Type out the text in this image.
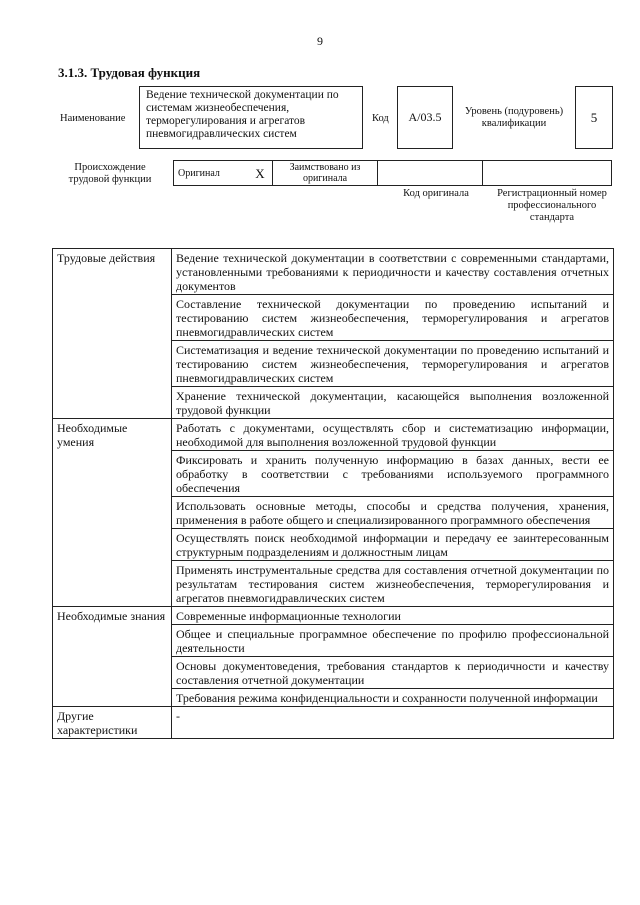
9
3.1.3. Трудовая функция
Наименование
Ведение технической документации по системам жизнеобеспечения, терморегулирования и агрегатов пневмогидравлических систем
Код	A/03.5	Уровень (подуровень) квалификации	5
Происхождение трудовой функции
Оригинал	X	Заимствовано из оригинала		
Код оригинала	Регистрационный номер профессионального стандарта
Трудовые действия	Ведение технической документации в соответствии с современными стандартами, установленными требованиями к периодичности и качеству составления отчетных документов
	Составление технической документации по проведению испытаний и тестированию систем жизнеобеспечения, терморегулирования и агрегатов пневмогидравлических систем
	Систематизация и ведение технической документации по проведению испытаний и тестированию систем жизнеобеспечения, терморегулирования и агрегатов пневмогидравлических систем
	Хранение технической документации, касающейся выполнения возложенной трудовой функции
Необходимые умения	Работать с документами, осуществлять сбор и систематизацию информации, необходимой для выполнения возложенной трудовой функции
	Фиксировать и хранить полученную информацию в базах данных, вести ее обработку в соответствии с требованиями используемого программного обеспечения
	Использовать основные методы, способы и средства получения, хранения, применения в работе общего и специализированного программного обеспечения
	Осуществлять поиск необходимой информации и передачу ее заинтересованным структурным подразделениям и должностным лицам
	Применять инструментальные средства для составления отчетной документации по результатам тестирования систем жизнеобеспечения, терморегулирования и агрегатов пневмогидравлических систем
Необходимые знания	Современные информационные технологии
	Общее и специальные программное обеспечение по профилю профессиональной деятельности
	Основы документоведения, требования стандартов к периодичности и качеству составления отчетной документации
	Требования режима конфиденциальности и сохранности полученной информации
Другие характеристики	-
